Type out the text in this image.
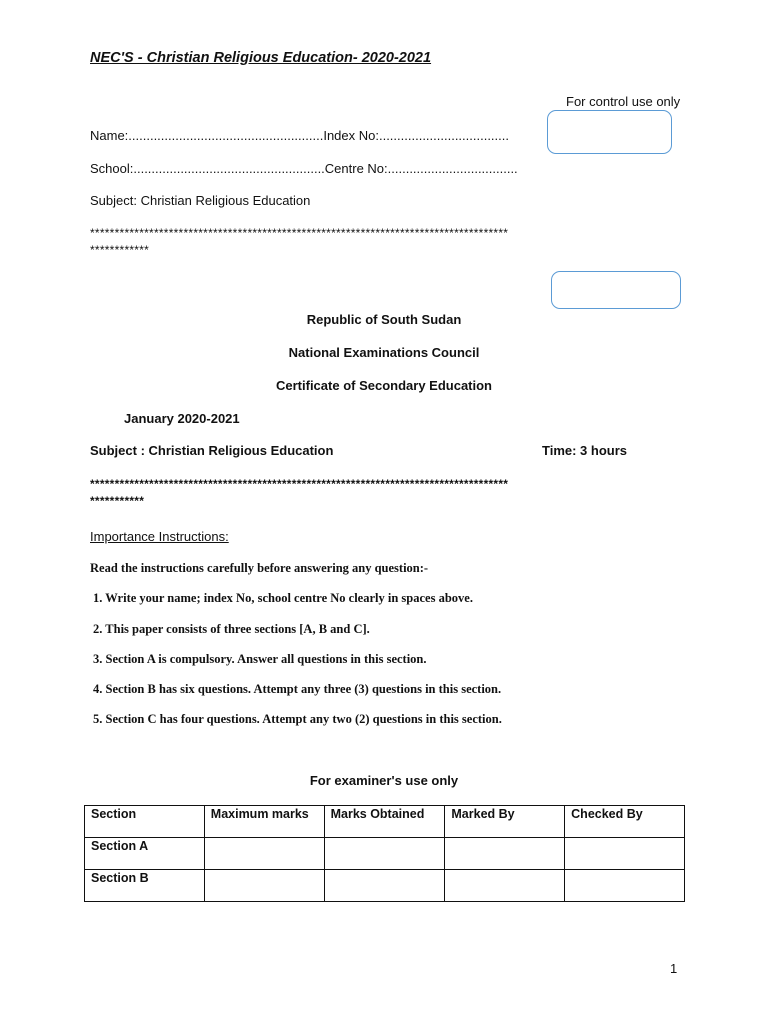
NEC'S - Christian Religious Education- 2020-2021
For control use only
Name:......................................................Index No:....................................
School:.....................................................Centre No:....................................
Subject: Christian Religious Education
*************************************************************************************
************
Republic of South Sudan
National Examinations Council
Certificate of Secondary Education
January 2020-2021
Subject : Christian Religious Education	Time: 3 hours
*************************************************************************************
***********
Importance Instructions:
Read the instructions carefully before answering any question:-
1. Write your name; index No, school centre No clearly in spaces above.
2. This paper consists of three sections [A, B and C].
3. Section A is compulsory. Answer all questions in this section.
4. Section B has six questions. Attempt any three (3) questions in this section.
5. Section C has four questions. Attempt any two (2) questions in this section.
For examiner's use only
Section	Maximum marks	Marks Obtained	Marked By	Checked By
Section A				
Section B				
1
